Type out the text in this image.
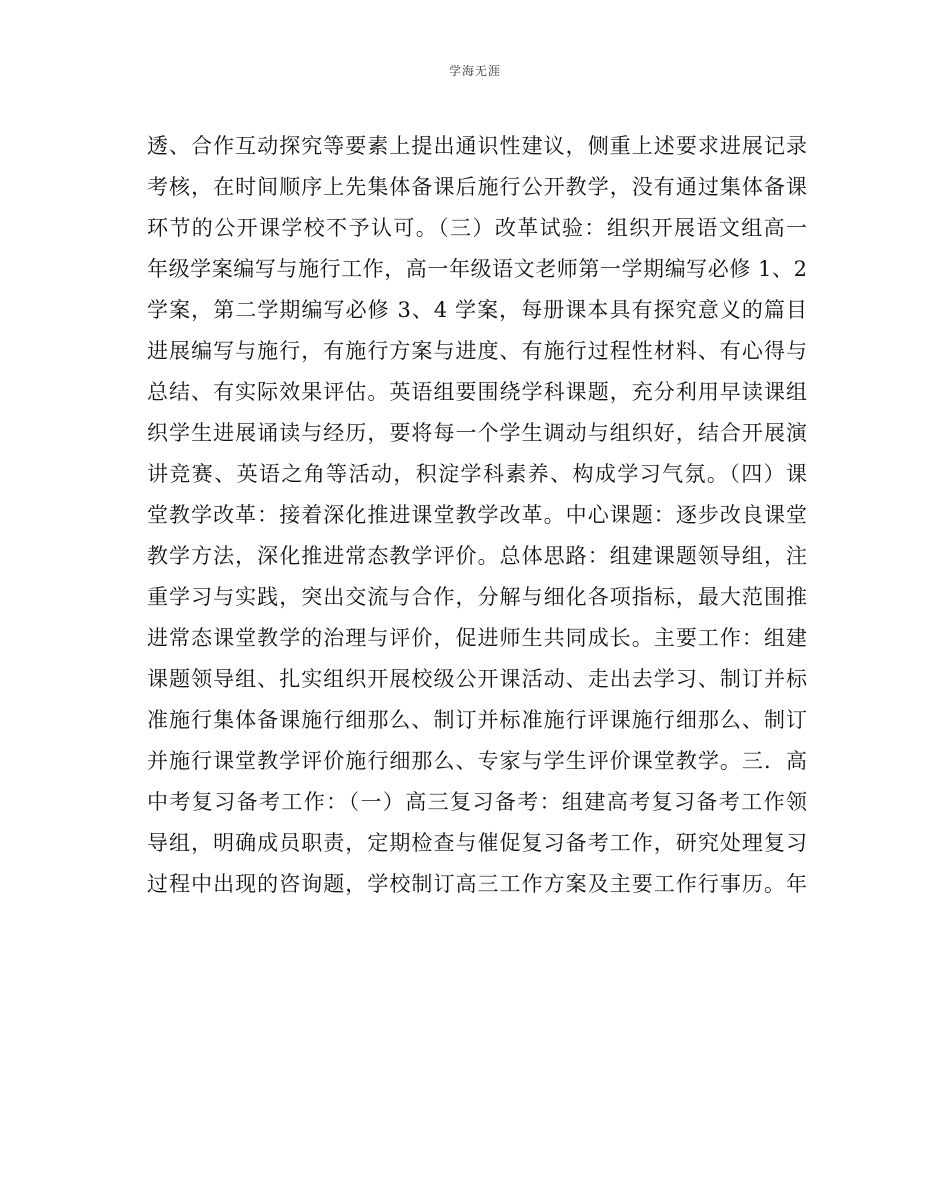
学海无涯
透、合作互动探究等要素上提出通识性建议，侧重上述要求进展记录
考核，在时间顺序上先集体备课后施行公开教学，没有通过集体备课
环节的公开课学校不予认可。（三）改革试验：组织开展语文组高一
年级学案编写与施行工作，高一年级语文老师第一学期编写必修 1、2
学案，第二学期编写必修 3、4 学案，每册课本具有探究意义的篇目
进展编写与施行，有施行方案与进度、有施行过程性材料、有心得与
总结、有实际效果评估。英语组要围绕学科课题，充分利用早读课组
织学生进展诵读与经历，要将每一个学生调动与组织好，结合开展演
讲竞赛、英语之角等活动，积淀学科素养、构成学习气氛。（四）课
堂教学改革：接着深化推进课堂教学改革。中心课题：逐步改良课堂
教学方法，深化推进常态教学评价。总体思路：组建课题领导组，注
重学习与实践，突出交流与合作，分解与细化各项指标，最大范围推
进常态课堂教学的治理与评价，促进师生共同成长。主要工作：组建
课题领导组、扎实组织开展校级公开课活动、走出去学习、制订并标
准施行集体备课施行细那么、制订并标准施行评课施行细那么、制订
并施行课堂教学评价施行细那么、专家与学生评价课堂教学。三．高
中考复习备考工作：（一）高三复习备考：组建高考复习备考工作领
导组，明确成员职责，定期检查与催促复习备考工作，研究处理复习
过程中出现的咨询题，学校制订高三工作方案及主要工作行事历。年
